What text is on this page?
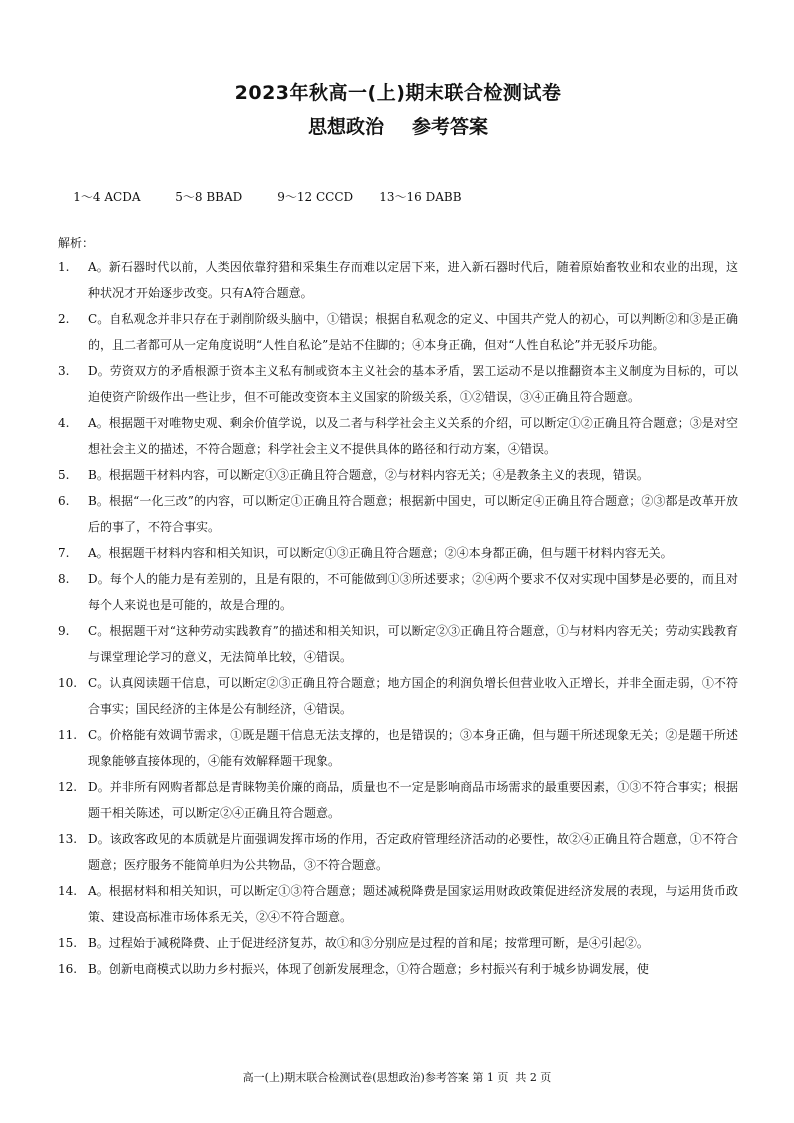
2023年秋高一(上)期末联合检测试卷
思想政治 参考答案

1～4 ACDA	5～8 BBAD	9～12 CCCD 13～16 DABB

解析：
1. A。新石器时代以前，人类因依靠狩猎和采集生存而难以定居下来，进入新石器时代后，随着原始畜牧业和农业的出现，这种状况才开始逐步改变。只有A符合题意。
2. C。自私观念并非只存在于剥削阶级头脑中，①错误；根据自私观念的定义、中国共产党人的初心，可以判断②和③是正确的，且二者都可从一定角度说明“人性自私论”是站不住脚的；④本身正确，但对“人性自私论”并无驳斥功能。
3. D。劳资双方的矛盾根源于资本主义私有制或资本主义社会的基本矛盾，罢工运动不是以推翻资本主义制度为目标的，可以迫使资产阶级作出一些让步，但不可能改变资本主义国家的阶级关系，①②错误，③④正确且符合题意。
4. A。根据题干对唯物史观、剩余价值学说，以及二者与科学社会主义关系的介绍，可以断定①②正确且符合题意；③是对空想社会主义的描述，不符合题意；科学社会主义不提供具体的路径和行动方案，④错误。
5. B。根据题干材料内容，可以断定①③正确且符合题意，②与材料内容无关；④是教条主义的表现，错误。
6. B。根据“一化三改”的内容，可以断定①正确且符合题意；根据新中国史，可以断定④正确且符合题意；②③都是改革开放后的事了，不符合事实。
7. A。根据题干材料内容和相关知识，可以断定①③正确且符合题意；②④本身都正确，但与题干材料内容无关。
8. D。每个人的能力是有差别的，且是有限的，不可能做到①③所述要求；②④两个要求不仅对实现中国梦是必要的，而且对每个人来说也是可能的，故是合理的。
9. C。根据题干对“这种劳动实践教育”的描述和相关知识，可以断定②③正确且符合题意，①与材料内容无关；劳动实践教育与课堂理论学习的意义，无法简单比较，④错误。
10. C。认真阅读题干信息，可以断定②③正确且符合题意；地方国企的利润负增长但营业收入正增长，并非全面走弱，①不符合事实；国民经济的主体是公有制经济，④错误。
11. C。价格能有效调节需求，①既是题干信息无法支撑的，也是错误的；③本身正确，但与题干所述现象无关；②是题干所述现象能够直接体现的，④能有效解释题干现象。
12. D。并非所有网购者都总是青睐物美价廉的商品，质量也不一定是影响商品市场需求的最重要因素，①③不符合事实；根据题干相关陈述，可以断定②④正确且符合题意。
13. D。该政客政见的本质就是片面强调发挥市场的作用，否定政府管理经济活动的必要性，故②④正确且符合题意，①不符合题意；医疗服务不能简单归为公共物品，③不符合题意。
14. A。根据材料和相关知识，可以断定①③符合题意；题述减税降费是国家运用财政政策促进经济发展的表现，与运用货币政策、建设高标准市场体系无关，②④不符合题意。
15. B。过程始于减税降费、止于促进经济复苏，故①和③分别应是过程的首和尾；按常理可断，是④引起②。
16. B。创新电商模式以助力乡村振兴，体现了创新发展理念，①符合题意；乡村振兴有利于城乡协调发展，使
高一(上)期末联合检测试卷(思想政治)参考答案 第 1 页  共 2 页
